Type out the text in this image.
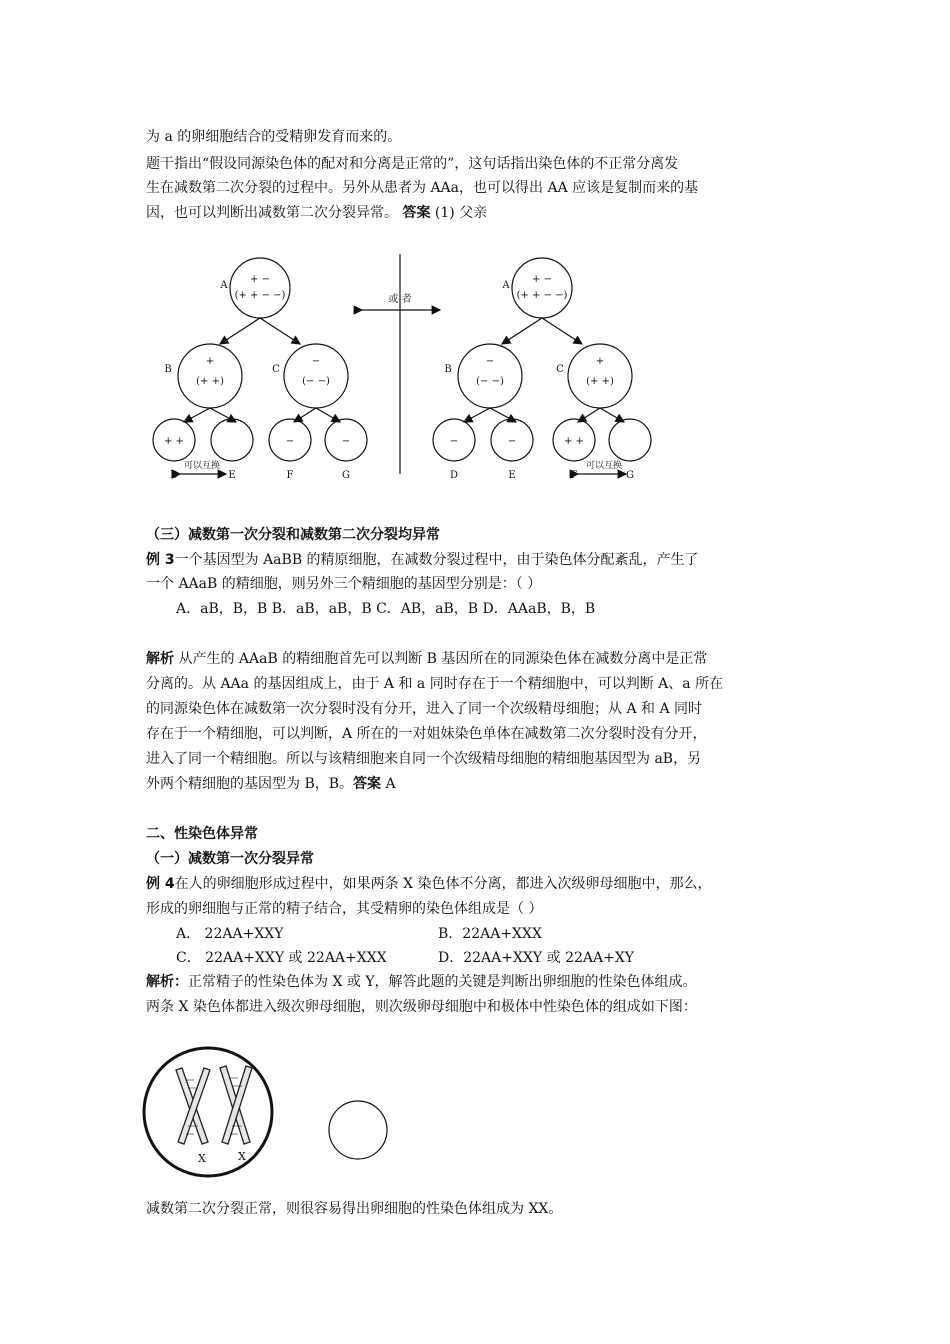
为 a 的卵细胞结合的受精卵发育而来的。
题干指出“假设同源染色体的配对和分离是正常的”，这句话指出染色体的不正常分离发
生在减数第二次分裂的过程中。另外从患者为 AAa，也可以得出 AA 应该是复制而来的基
因，也可以判断出减数第二次分裂异常。 答案 (1) 父亲
或 者
A
+ −
(+ + − −)
B
+
(+ +)
C
−
(− −)
+ +	−	−
可以互换
D	E	F	G
A
+ −
(+ + − −)
B
−
(− −)
C
+
(+ +)
−	−	+ +
可以互换
D	E	F	G
（三）减数第一次分裂和减数第二次分裂均异常
例 3一个基因型为 AaBB 的精原细胞，在减数分裂过程中，由于染色体分配紊乱，产生了
一个 AAaB 的精细胞，则另外三个精细胞的基因型分别是：（ ）
A．aB，B，B B．aB，aB，B C．AB，aB，B D．AAaB，B，B
解析 从产生的 AAaB 的精细胞首先可以判断 B 基因所在的同源染色体在减数分离中是正常
分离的。从 AAa 的基因组成上，由于 A 和 a 同时存在于一个精细胞中，可以判断 A、a 所在
的同源染色体在减数第一次分裂时没有分开，进入了同一个次级精母细胞；从 A 和 A 同时
存在于一个精细胞，可以判断，A 所在的一对姐妹染色单体在减数第二次分裂时没有分开，
进入了同一个精细胞。所以与该精细胞来自同一个次级精母细胞的精细胞基因型为 aB，另
外两个精细胞的基因型为 B，B。答案 A
二、性染色体异常
（一）减数第一次分裂异常
例 4在人的卵细胞形成过程中，如果两条 X 染色体不分离，都进入次级卵母细胞中，那么，
形成的卵细胞与正常的精子结合，其受精卵的染色体组成是（ ）
A． 22AA+XXY	B．22AA+XXX
C． 22AA+XXY 或 22AA+XXX	D．22AA+XXY 或 22AA+XY
解析：正常精子的性染色体为 X 或 Y，解答此题的关键是判断出卵细胞的性染色体组成。
两条 X 染色体都进入级次卵母细胞，则次级卵母细胞中和极体中性染色体的组成如下图：
X	X
减数第二次分裂正常，则很容易得出卵细胞的性染色体组成为 XX。
